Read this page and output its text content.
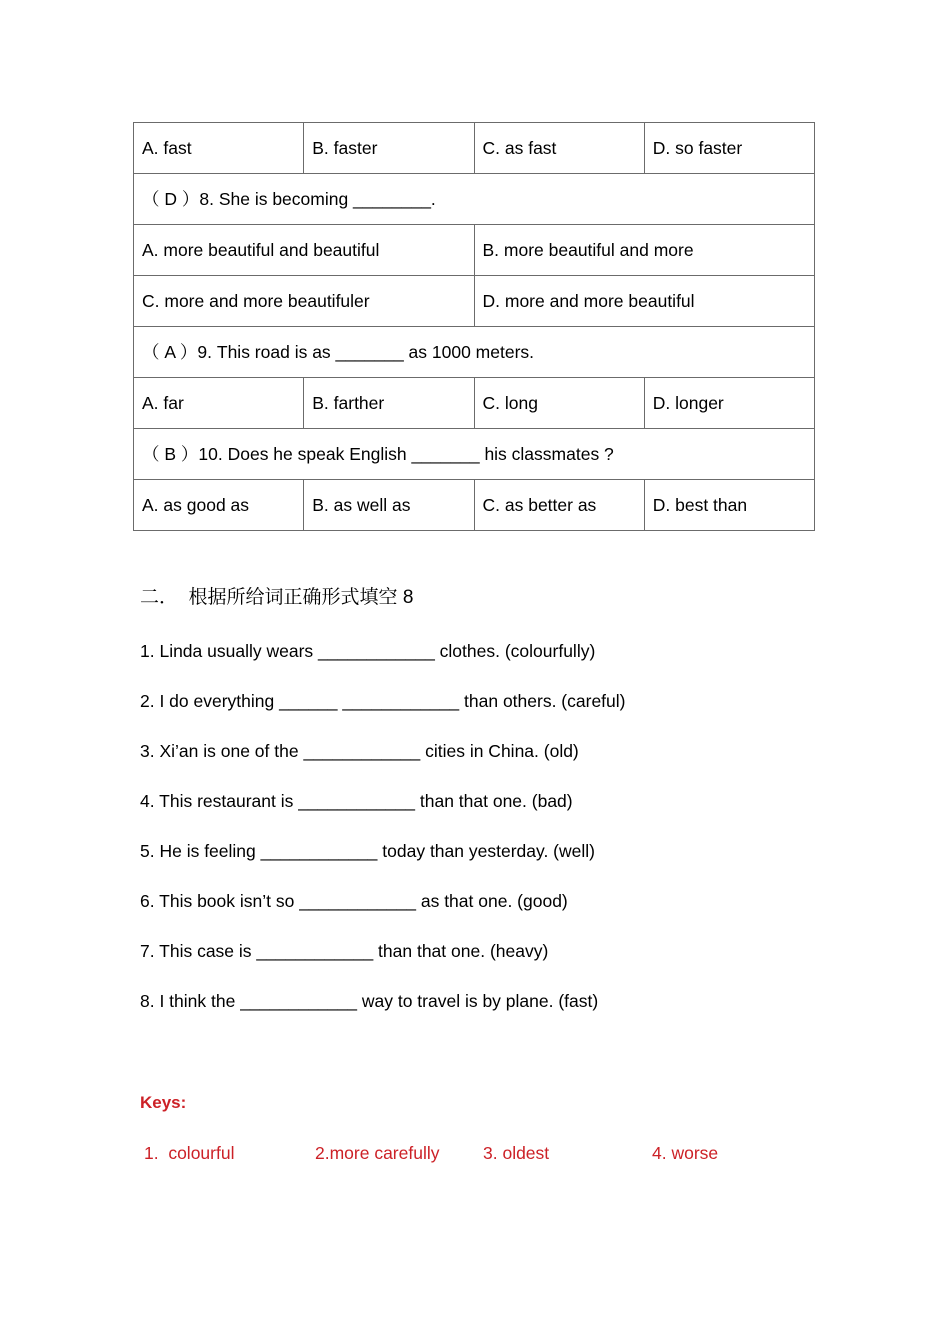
A. fast	B. faster	C. as fast	D. so faster
（ D ）8. She is becoming ________.			
A. more beautiful and beautiful		B. more beautiful and more	
C. more and more beautifuler		D. more and more beautiful	
（ A ）9. This road is as _______ as 1000 meters.			
A. far	B. farther	C. long	D. longer
（ B ）10. Does he speak English _______ his classmates ?			
A. as good as	B. as well as	C. as better as	D. best than
二．  根据所给词正确形式填空 8
1. Linda usually wears ____________ clothes. (colourfully)
2. I do everything ______ ____________ than others. (careful)
3. Xi’an is one of the ____________ cities in China. (old)
4. This restaurant is ____________ than that one. (bad)
5. He is feeling ____________ today than yesterday. (well)
6. This book isn’t so ____________ as that one. (good)
7. This case is ____________ than that one. (heavy)
8. I think the ____________ way to travel is by plane. (fast)
Keys:
1.  colourful	2.more carefully 3. oldest	4. worse
